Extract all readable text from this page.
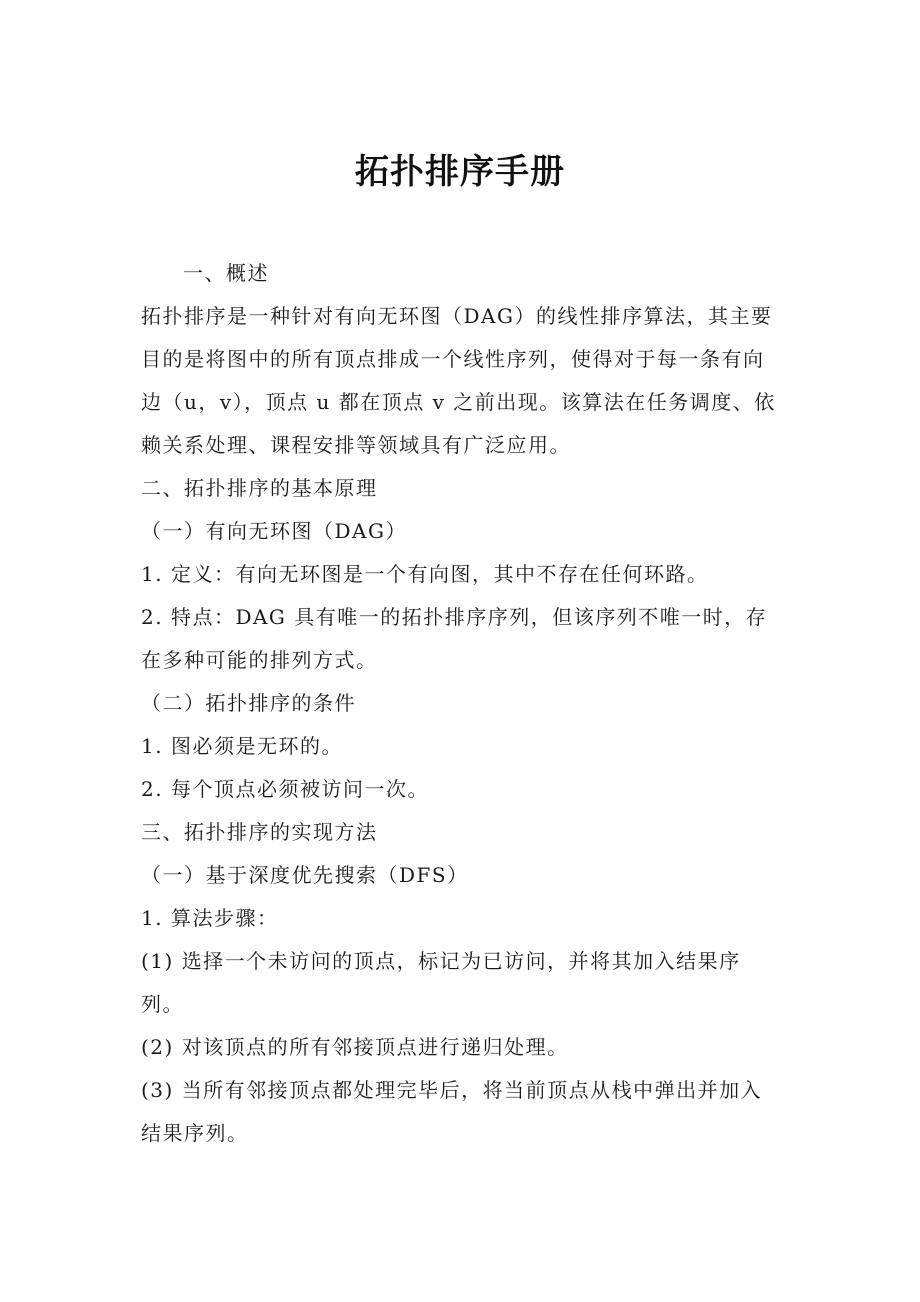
拓扑排序手册

一、概述

拓扑排序是一种针对有向无环图（DAG）的线性排序算法，其主要目的是将图中的所有顶点排成一个线性序列，使得对于每一条有向边（u，v），顶点 u 都在顶点 v 之前出现。该算法在任务调度、依赖关系处理、课程安排等领域具有广泛应用。

二、拓扑排序的基本原理

（一）有向无环图（DAG）

1. 定义：有向无环图是一个有向图，其中不存在任何环路。

2. 特点：DAG 具有唯一的拓扑排序序列，但该序列不唯一时，存在多种可能的排列方式。

（二）拓扑排序的条件

1. 图必须是无环的。

2. 每个顶点必须被访问一次。

三、拓扑排序的实现方法

（一）基于深度优先搜索（DFS）

1. 算法步骤：

(1) 选择一个未访问的顶点，标记为已访问，并将其加入结果序列。

(2) 对该顶点的所有邻接顶点进行递归处理。

(3) 当所有邻接顶点都处理完毕后，将当前顶点从栈中弹出并加入结果序列。
